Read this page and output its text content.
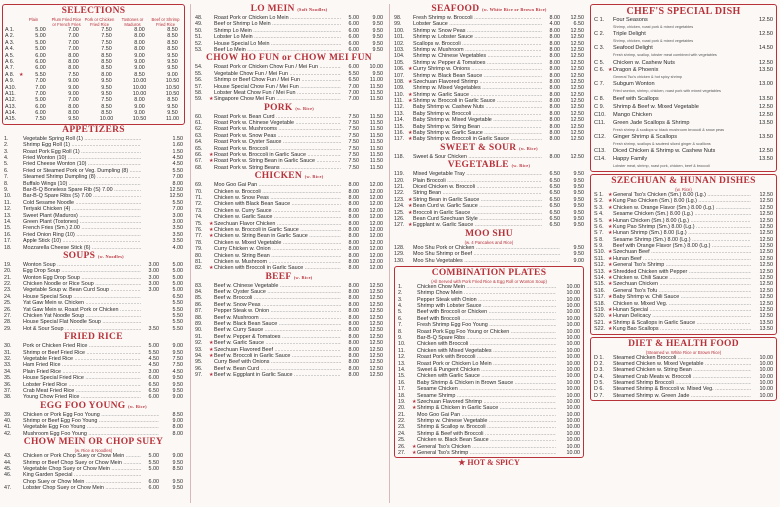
SELECTIONS
Plain	Plum Fried Rice or French Fries
Pork or Chicken Fried Rice
Tostones or Maduros
Beef or Shrimp Fried Rice
A 1.	5.00	7.00	7.50	8.00	8.50
A 2.	5.00	7.00	7.50	8.00	8.50
A 3.	5.00	7.00	7.50	8.00	8.50
A 4.	5.00	7.00	7.50	8.00	8.50
A 5.	6.00	8.00	8.50	9.00	9.50
A 6.	6.00	8.00	8.50	9.00	9.50
A 7.	6.00	8.00	8.50	9.00	9.50
A 8. ★	5.50	7.50	8.00	8.50	9.00
A 9.	7.00	9.00	9.50	10.00	10.50
A10.	7.00	9.00	9.50	10.00	10.50
A11.	7.00	9.00	9.50	10.00	10.50
A12.	5.00	7.00	7.50	8.00	8.50
A13.	6.00	8.00	8.50	9.00	9.50
A14.	6.00	8.00	8.50	9.00	9.50
A15.	7.50	9.50	10.00	10.50	11.00
APPETIZERS
1.	Vegetable Spring Roll (1) .....	1.50
2.	Shrimp Egg Roll (1) .....	1.60
3.	Roast Pork Egg Roll (1) .....	1.50
4.	Fried Wonton (10) .....	4.50
5.	Fried Cheese Wonton (10) .....	4.50
6.	Fried or Steamed Pork or Veg. Dumpling (8) .....	5.50
7.	Steamed Shrimp Dumpling (8) .....	7.00
8.	Buffalo Wings (10) .....	8.00
9.	Bar-B-Q Boneless Spare Rib (S) 7.00 .....	12.50
10.	Bar-B-Q Spare Ribs (S) 7.00 .....	12.50
11.	Cold Sesame Noodle .....	5.50
12.	Teriyaki Chicken (4) .....	7.00
13.	Sweet Plant (Maduros) .....	3.00
14.	Green Plant (Tostones) .....	3.00
15.	French Fries (Sm.) 2.00 .....	3.50
16.	Fried Onion Ring (10) .....	3.50
17.	Apple Stick (10) .....	3.50
18.	Mozzarella Cheese Stick (6) .....	4.00
SOUPS (w. Noodles)
19.	Wonton Soup .....	3.00	5.00
20.	Egg Drop Soup .....	3.00	5.00
21.	Wonton Egg Drop Soup .....	3.00	5.00
22.	Chicken Noodle or Rice Soup .....	3.00	5.00
23.	Vegetable Soup w. Bean Curd Soup .....	3.00	5.00
24.	House Special Soup .....	6.50
25.	Yat Gaw Mein w. Chicken .....	5.50
26.	Yat Gaw Mein w. Roast Pork or Chicken .....	5.50
27.	Chicken Yat Noodle Soup .....	5.50
28.	House Special Flat Noodle Soup .....	5.50
29.	Hot & Sour Soup .....	3.50	5.50
FRIED RICE
30.	Pork or Chicken Fried Rice .....	5.00	9.00
31.	Shrimp or Beef Fried Rice .....	5.50	9.50
32.	Vegetable Fried Rice .....	4.50	7.50
33.	Ham Fried Rice .....	4.50	7.50
34.	Plain Fried Rice .....	3.00	4.50
35.	House Special Fried Rice .....	6.00	9.50
36.	Lobster Fried Rice .....	6.50	9.50
37.	Crab Meat Fried Rice .....	6.50	9.50
38.	Young Chow Fried Rice .....	6.00	9.00
EGG FOO YOUNG (w. Rice)
39.	Chicken or Pork Egg Foo Young .....	8.50
40.	Shrimp or Beef Egg Foo Young .....	9.00
41.	Vegetable Egg Foo Young .....	8.00
42.	Mushroom Egg Foo Young .....	8.00
CHOW MEIN OR CHOP SUEY
(w. Rice & Noodles)
43.	Chicken or Pork Chop Suey or Chow Mein .....	5.00	9.00
44.	Shrimp or Beef Chop Suey or Chow Mein .....	5.50	9.50
45.	Vegetable Chop Suey or Chow Mein .....	5.00	8.50
46.	King Garden Special .....
Chop Suey or Chow Mein .....	6.00	9.50
47.	Lobster Chop Suey or Chow Mein .....	6.00	9.50
LO MEIN (Soft Noodles)
48.	Roast Pork or Chicken Lo Mein .....	5.00	9.00
49.	Beef or Shrimp Lo Mein .....	6.00	9.50
50.	Shrimp Lo Mein .....	6.00	9.50
51.	Lobster Lo Mein .....	6.00	9.50
52.	House Special Lo Mein .....	6.00	9.50
53.	Beef Lo Mein .....	6.00	9.50
CHOW HO FUN or CHOW MEI FUN
54.	Roast Pork or Chicken Chow Fun / Mei Fun .....	6.00	10.00
55.	Vegetable Chow Fun / Mei Fun .....	5.50	9.50
56.	Shrimp or Beef Chow Fun / Mei Fun .....	6.50	11.00
57.	House Special Chow Fun / Mei Fun .....	7.00	11.50
58.	Lobster Meat Chow Fun / Mei Fun .....	7.00	11.50
59.	★ Singapore Chow Mei Fun .....	7.00	11.50
PORK (w. Rice)
60.	Roast Pork w. Bean Curd .....	7.50	11.50
61.	Roast Pork w. Chinese Vegetable .....	7.50	11.50
62.	Roast Pork w. Mushrooms .....	7.50	11.50
63.	Roast Pork w. Snow Peas .....	7.50	11.50
64.	Roast Pork w. Oyster Sauce .....	7.50	11.50
65.	Roast Pork w. Broccoli .....	7.50	11.50
66.	★ Roast Pork w. Broccoli in Garlic Sauce .....	7.50	11.50
67.	★ Roast Pork w. String Bean in Garlic Sauce .....	7.50	11.50
68.	Roast Pork w. String Beans .....	7.50	11.50
CHICKEN (w. Rice)
69.	Moo Goo Gai Pan .....	8.00	12.00
70.	Chicken w. Broccoli .....	8.00	12.00
71.	Chicken w. Snow Peas .....	8.00	12.00
72.	Chicken with Black Bean Sauce .....	8.00	12.00
73.	Chicken w. Curry Sauce .....	8.00	12.00
74.	Chicken w. Garlic Sauce .....	8.00	12.00
75.	★ Szechuan Flavor Chicken .....	8.00	12.00
76.	★ Chicken w. Broccoli in Garlic Sauce .....	8.00	12.00
77.	★ Chicken w. String Bean in Garlic Sauce .....	8.00	12.00
78.	Chicken w. Mixed Vegetable .....	8.00	12.00
79.	Curry Chicken w. Onion .....	8.00	12.00
80.	Chicken w. String Bean .....	8.00	12.00
81.	Chicken w. Mushroom .....	8.00	12.00
82.	★ Chicken with Broccoli in Garlic Sauce .....	8.00	12.00
BEEF (w. Rice)
83.	Beef w. Chinese Vegetable .....	8.00	12.50
84.	Beef w. Oyster Sauce .....	8.00	12.50
85.	Beef w. Broccoli .....	8.00	12.50
86.	Beef w. Snow Peas .....	8.00	12.50
87.	Pepper Steak w. Onion .....	8.00	12.50
88.	Beef w. Mushroom .....	8.00	12.50
89.	Beef w. Black Bean Sauce .....	8.00	12.50
90.	Beef w. Curry Sauce .....	8.00	12.50
91.	Beef w. Pepper & Tomatoes .....	8.00	12.50
92.	★ Beef w. Garlic Sauce .....	8.00	12.50
93.	★ Szechuan Flavored Beef .....	8.00	12.50
94.	★ Beef w. Broccoli in Garlic Sauce .....	8.00	12.50
95.	Curry Beef with Onions .....	8.00	12.50
96.	Beef w. Bean Curd .....	8.00	12.50
97.	★ Beef w. Eggplant in Garlic Sauce .....	8.00	12.50
SEAFOOD (w. White Rice or Brown Rice)
98.	Fresh Shrimp w. Broccoli .....	8.00	12.50
99.	Lobster Sauce .....	4.00	6.50
100.	Shrimp w. Snow Peas .....	8.00	12.50
101.	Shrimp w. Lobster Sauce .....	8.00	12.50
102.	Scallops w. Broccoli .....	8.00	12.50
103.	Shrimp w. Mushroom .....	8.00	12.50
104.	Shrimp w. Chinese Vegetables .....	8.00	12.50
105.	Shrimp w. Pepper & Tomatoes .....	8.00	12.50
106. ★ Curry Shrimp w. Onions .....	8.00	12.50
107.	Shrimp w. Black Bean Sauce .....	8.00	12.50
108. ★ Szechuan Flavored Shrimp .....	8.00	12.50
109.	Shrimp w. Mixed Vegetables .....	8.00	12.50
110. ★ Shrimp w. Garlic Sauce .....	8.00	12.50
111. ★ Shrimp w. Broccoli in Garlic Sauce .....	8.00	12.50
112.	Baby Shrimp w. Cashew Nuts .....	8.00	12.50
113.	Baby Shrimp w. Broccoli .....	8.00	12.50
114.	Baby Shrimp w. Mixed Vegetable .....	8.00	12.50
115.	Baby Shrimp w. String Bean .....	8.00	12.50
116. ★ Baby Shrimp w. Garlic Sauce .....	8.00	12.50
117. ★ Baby Shrimp w. Broccoli in Garlic Sauce .....	8.00	12.50
SWEET & SOUR (w. Rice)
118.	Sweet & Sour Chicken .....	8.00	12.50
VEGETABLE (w. Rice)
119.	Mixed Vegetable Tray .....	6.50	9.50
120.	Plain Broccoli .....	6.50	9.50
121.	Diced Chicken w. Broccoli .....	6.50	9.50
122.	String Bean .....	6.50	9.50
123. ★ String Bean in Garlic Sauce .....	6.50	9.50
124. ★ Bean Curd w. Garlic Sauce .....	6.50	9.50
125. ★ Broccoli in Garlic Sauce .....	6.50	9.50
126.	Bean Curd Szechuan Style .....	6.50	9.50
127. ★ Eggplant w. Garlic Sauce .....	6.50	9.50
MOO SHU
(w. 4 Pancakes and Rice)
128.	Moo Shu Pork or Chicken .....	9.50
129.	Moo Shu Shrimp or Beef .....	9.50
130.	Moo Shu Vegetables .....	9.00
COMBINATION PLATES
(All Served with Pork Fried Rice & Egg Roll or Wonton Soup)
1.	Chicken Chow Mein .....	10.00
2.	Shrimp Chow Mein .....	10.00
3.	Pepper Steak with Onion .....	10.00
4.	Shrimp with Lobster Sauce .....	10.00
5.	Beef with Broccoli or Chicken .....	10.00
6.	Beef with Broccoli .....	10.00
7.	Fresh Shrimp Egg Foo Young .....	10.00
8.	Roast Pork Egg Foo Young or Chicken .....	10.00
9.	Bar-B-Q Spare Ribs .....	10.00
10.	Chicken with Broccoli .....	10.00
11.	Chicken with Mixed Vegetables .....	10.00
12.	Roast Pork with Broccoli .....	10.00
13.	Roast Pork or Chicken Lo Mein .....	10.00
14.	Sweet & Pungent Chicken .....	10.00
15.	Chicken with Garlic Sauce .....	10.00
16.	Baby Shrimp & Chicken in Brown Sauce .....	10.00
17.	Sesame Chicken .....	10.00
18.	Sesame Shrimp .....	10.00
19.	★ Szechuan Flavored Shrimp .....	10.00
20.	★ Shrimp & Chicken in Garlic Sauce .....	10.00
21.	Moo Goo Gai Pan .....	10.00
22.	Shrimp w. Chinese Vegetable .....	10.00
23.	Shrimp & Scallop w. Broccoli .....	10.00
24.	Shrimp & Beef with Broccoli .....	10.00
25.	Chicken w. Black Bean Sauce .....	10.00
26.	★ General Tso's Chicken .....	10.00
27.	★ General Tso's Shrimp .....	10.00
★ HOT & SPICY
CHEF'S SPECIAL DISH
C 1.	Four Seasons
Shrimp, chicken, roast pork & mixed vegetables
12.50
C 2.	Triple Delight
Shrimp, chicken, roast pork & mixed vegetables
12.50
C 3.	Seafood Delight
Fresh shrimp, scallop, lobster meat combined with vegetables
14.50
C 5.	Chicken w. Cashew Nuts	12.50
C 6. ★ Dragon & Phoenix
General Tso's chicken & hot spicy shrimp
13.50
C 7.	Subgum Wonton
Fried wonton, shrimp, chicken, roast pork with mixed vegetables
13.00
C 8.	Beef with Scallops	13.50
C 9.	Shrimp & Beef w. Mixed Vegetable	12.50
C10.	Mango Chicken	12.50
C11.	Green Jade Scallops & Shrimp
Fresh shrimp & scallops w. black mushroom broccoli & snow peas
13.50
C12.	Ginger Shrimp & Scallops
Fresh shrimp, scallops & sauteed sliced ginger & scallions
13.50
C13.	Diced Chicken & Shrimp w. Cashew Nuts	12.50
C14.	Happy Family
Lobster meat, shrimp, roast pork, chicken, beef & broccoli
13.50
SZECHUAN & HUNAN DISHES
(w. Rice)
S 1. ★ General Tso's Chicken (Sm.) 8.00 (Lg.) .....	12.50
S 2. ★ Kung Pao Chicken (Sm.) 8.00 (Lg.) .....	12.50
S 3. ★ Chicken w. Orange Flavor (Sm.) 8.00 (Lg.) .....	12.50
S 4.	Sesame Chicken (Sm.) 8.00 (Lg.) .....	12.50
S 5. ★ Hunan Chicken (Sm.) 8.00 (Lg.) .....	12.50
S 6. ★ Kung Pao Shrimp (Sm.) 8.00 (Lg.) .....	12.50
S 7. ★ Hunan Shrimp (Sm.) 8.00 (Lg.) .....	12.50
S 8.	Sesame Shrimp (Sm.) 8.00 (Lg.) .....	12.50
S 9.	Beef with Orange Flavor (Sm.) 8.00 (Lg.) .....	12.50
S10. ★ Szechuan Beef .....	12.50
S11. ★ Hunan Beef .....	12.50
S12. ★ General Tso's Shrimp .....	12.50
S13. ★ Shredded Chicken with Pepper .....	12.50
S14. ★ Chicken w. Chili Sauce .....	12.50
S15. ★ Szechuan Chicken .....	12.50
S16.	General Tso's Tofu .....	12.50
S17. ★ Baby Shrimp w. Chili Sauce .....	12.50
S18.	Chicken w. Mixed Veg. .....	12.50
S19. ★ Hunan Special .....	12.50
S20. ★ Hunan Delicacy .....	12.50
S21. ★ Shrimp & Scallops in Garlic Sauce .....	13.50
S22. ★ Kung Bao Scallops .....	13.50
DIET & HEALTH FOOD
(Steamed w. White Rice or Brown Rice)
D 1.	Steamed Chicken Broccoli .....	10.00
D 2.	Steamed Chicken w. Mixed Vegetable .....	10.00
D 3.	Steamed Chicken w. String Bean .....	10.00
D 4.	Steamed Crab Meats w. Broccoli .....	10.00
D 5.	Steamed Shrimp Broccoli .....	10.00
D 6.	Steamed Shrimp & Broccoli w. Mixed Veg. .....	10.00
D 7.	Steamed Shrimp w. Green Jade .....	10.00
